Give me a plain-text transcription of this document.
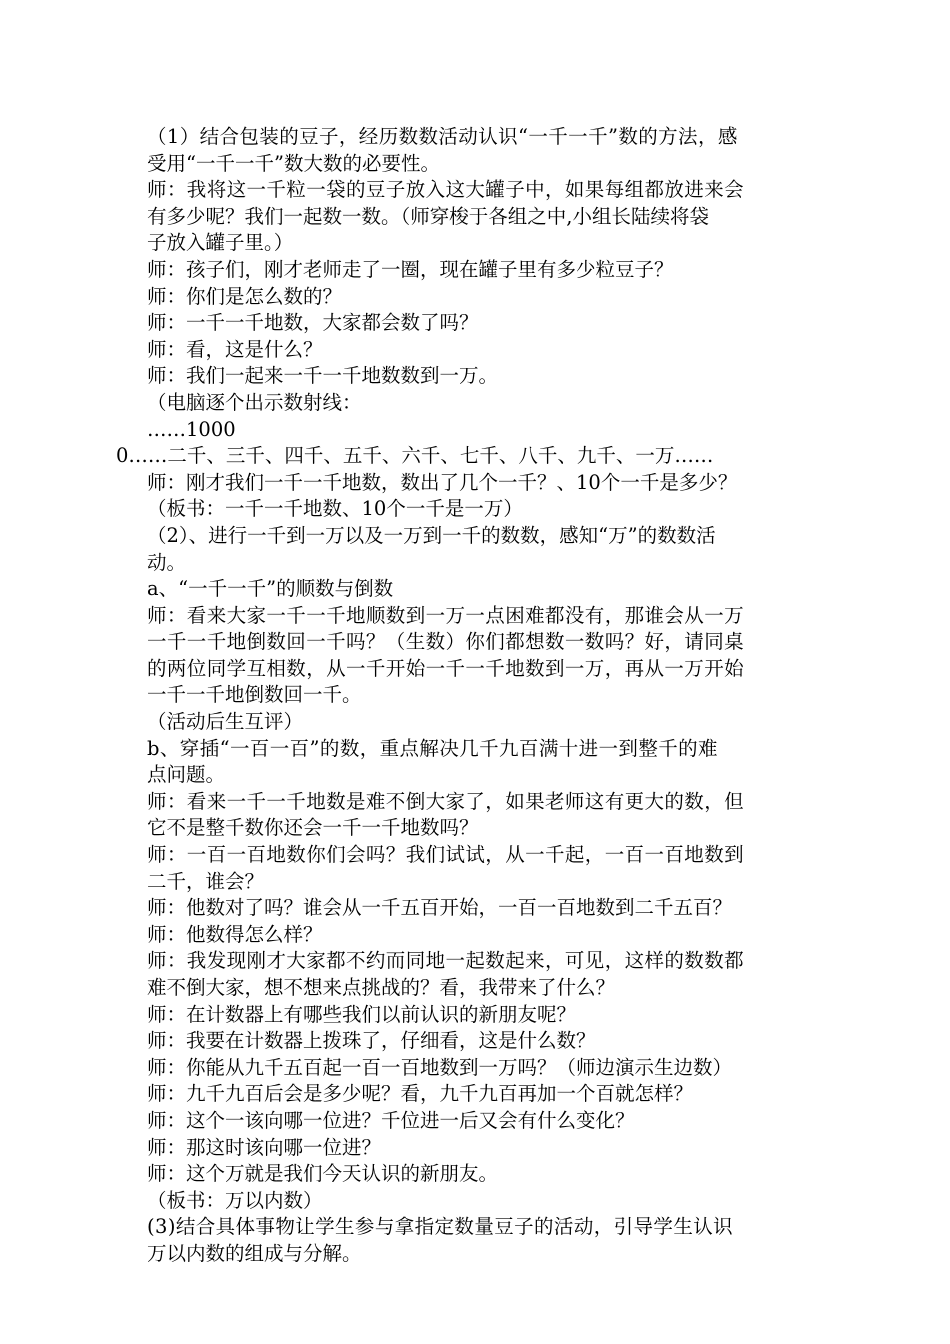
（1）结合包装的豆子，经历数数活动认识“一千一千”数的方法，感
受用“一千一千”数大数的必要性。
师：我将这一千粒一袋的豆子放入这大罐子中，如果每组都放进来会
有多少呢？我们一起数一数。（师穿梭于各组之中,小组长陆续将袋
子放入罐子里。）
师：孩子们，刚才老师走了一圈，现在罐子里有多少粒豆子？
师：你们是怎么数的？
师：一千一千地数，大家都会数了吗？
师：看，这是什么？
师：我们一起来一千一千地数数到一万。
（电脑逐个出示数射线：
……1000
0……二千、三千、四千、五千、六千、七千、八千、九千、一万……
师：刚才我们一千一千地数，数出了几个一千？、10个一千是多少？
（板书：一千一千地数、10个一千是一万）
（2）、进行一千到一万以及一万到一千的数数，感知“万”的数数活
动。
a、“一千一千”的顺数与倒数
师：看来大家一千一千地顺数到一万一点困难都没有，那谁会从一万
一千一千地倒数回一千吗？（生数）你们都想数一数吗？好，请同桌
的两位同学互相数，从一千开始一千一千地数到一万，再从一万开始
一千一千地倒数回一千。
（活动后生互评）
b、穿插“一百一百”的数，重点解决几千九百满十进一到整千的难
点问题。
师：看来一千一千地数是难不倒大家了，如果老师这有更大的数，但
它不是整千数你还会一千一千地数吗？
师：一百一百地数你们会吗？我们试试，从一千起，一百一百地数到
二千，谁会？
师：他数对了吗？谁会从一千五百开始，一百一百地数到二千五百？
师：他数得怎么样？
师：我发现刚才大家都不约而同地一起数起来，可见，这样的数数都
难不倒大家，想不想来点挑战的？看，我带来了什么？
师：在计数器上有哪些我们以前认识的新朋友呢？
师：我要在计数器上拨珠了，仔细看，这是什么数？
师：你能从九千五百起一百一百地数到一万吗？（师边演示生边数）
师：九千九百后会是多少呢？看，九千九百再加一个百就怎样？
师：这个一该向哪一位进？千位进一后又会有什么变化？
师：那这时该向哪一位进？
师：这个万就是我们今天认识的新朋友。
（板书：万以内数）
(3)结合具体事物让学生参与拿指定数量豆子的活动，引导学生认识
万以内数的组成与分解。
